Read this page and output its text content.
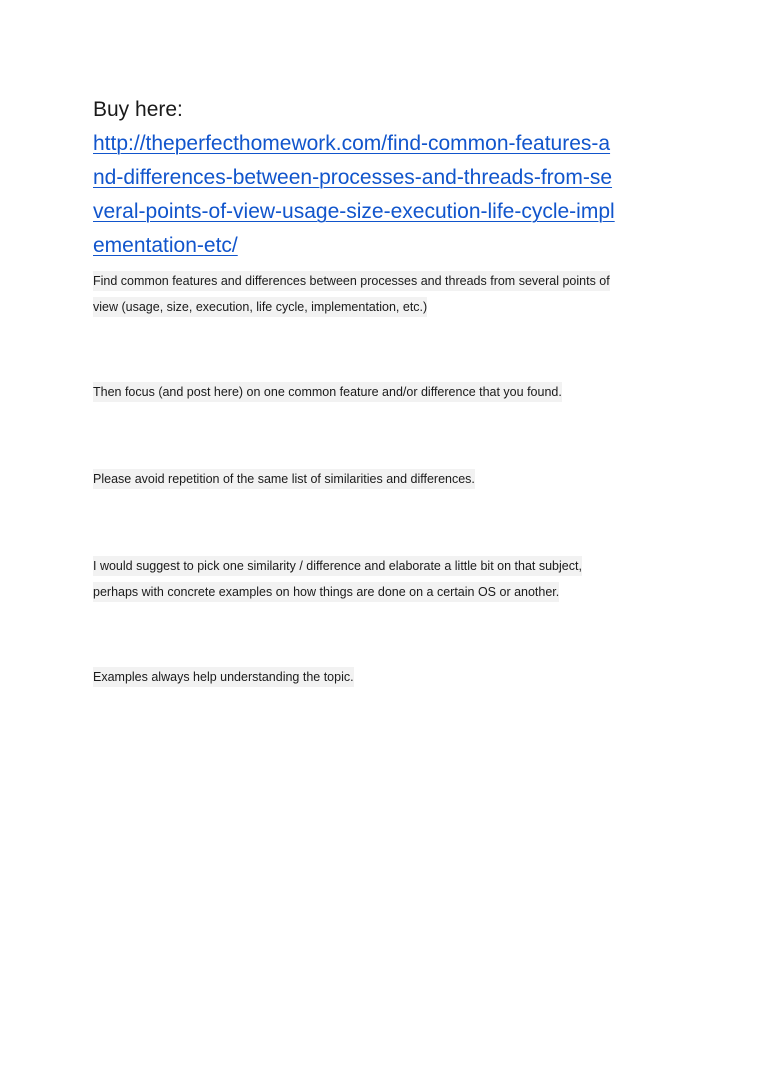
Buy here:
http://theperfecthomework.com/find-common-features-a
nd-differences-between-processes-and-threads-from-se
veral-points-of-view-usage-size-execution-life-cycle-impl
ementation-etc/
Find common features and differences between processes and threads from several points of
view (usage, size, execution, life cycle, implementation, etc.)
Then focus (and post here) on one common feature and/or difference that you found.
Please avoid repetition of the same list of similarities and differences.
I would suggest to pick one similarity / difference and elaborate a little bit on that subject,
perhaps with concrete examples on how things are done on a certain OS or another.
Examples always help understanding the topic.
